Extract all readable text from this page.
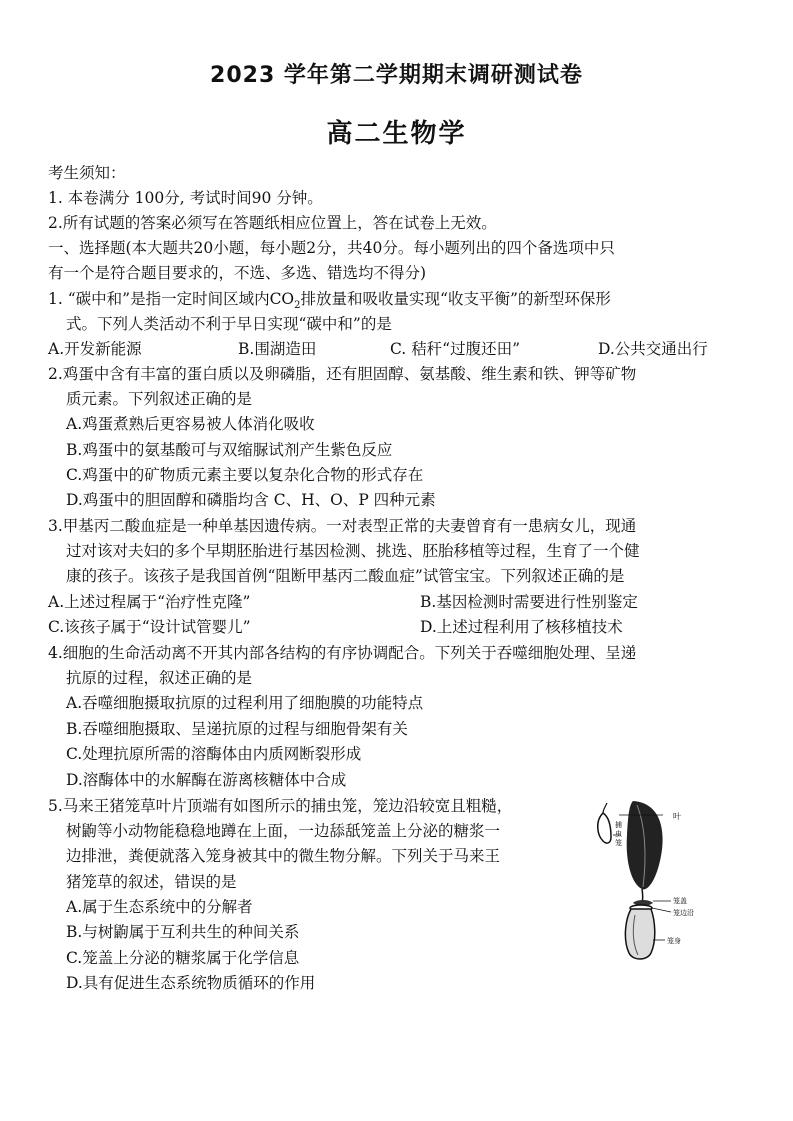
2023 学年第二学期期末调研测试卷
高二生物学
考生须知：
1. 本卷满分 100分, 考试时间90 分钟。
2.所有试题的答案必须写在答题纸相应位置上，答在试卷上无效。
一、选择题(本大题共20小题，每小题2分，共40分。每小题列出的四个备选项中只
有一个是符合题目要求的，不选、多选、错选均不得分)
1. “碳中和”是指一定时间区域内$CO_2$排放量和吸收量实现“收支平衡”的新型环保形
式。下列人类活动不利于早日实现“碳中和”的是
A.开发新能源	B.围湖造田	C. 秸秆“过腹还田”	D.公共交通出行
2.鸡蛋中含有丰富的蛋白质以及卵磷脂，还有胆固醇、氨基酸、维生素和铁、钾等矿物
质元素。下列叙述正确的是
A.鸡蛋煮熟后更容易被人体消化吸收
B.鸡蛋中的氨基酸可与双缩脲试剂产生紫色反应
C.鸡蛋中的矿物质元素主要以复杂化合物的形式存在
D.鸡蛋中的胆固醇和磷脂均含 C、H、O、P 四种元素
3.甲基丙二酸血症是一种单基因遗传病。一对表型正常的夫妻曾育有一患病女儿，现通
过对该对夫妇的多个早期胚胎进行基因检测、挑选、胚胎移植等过程，生育了一个健
康的孩子。该孩子是我国首例“阻断甲基丙二酸血症”试管宝宝。下列叙述正确的是
A.上述过程属于“治疗性克隆”	B.基因检测时需要进行性别鉴定
C.该孩子属于“设计试管婴儿”	D.上述过程利用了核移植技术
4.细胞的生命活动离不开其内部各结构的有序协调配合。下列关于吞噬细胞处理、呈递
抗原的过程，叙述正确的是
A.吞噬细胞摄取抗原的过程利用了细胞膜的功能特点
B.吞噬细胞摄取、呈递抗原的过程与细胞骨架有关
C.处理抗原所需的溶酶体由内质网断裂形成
D.溶酶体中的水解酶在游离核糖体中合成
5.马来王猪笼草叶片顶端有如图所示的捕虫笼，笼边沿较宽且粗糙，
树鼩等小动物能稳稳地蹲在上面，一边舔舐笼盖上分泌的糖浆一
边排泄，粪便就落入笼身被其中的微生物分解。下列关于马来王
猪笼草的叙述，错误的是
A.属于生态系统中的分解者
B.与树鼩属于互利共生的种间关系
C.笼盖上分泌的糖浆属于化学信息
D.具有促进生态系统物质循环的作用
叶
捕虫笼
笼盖
笼边沿
笼身
